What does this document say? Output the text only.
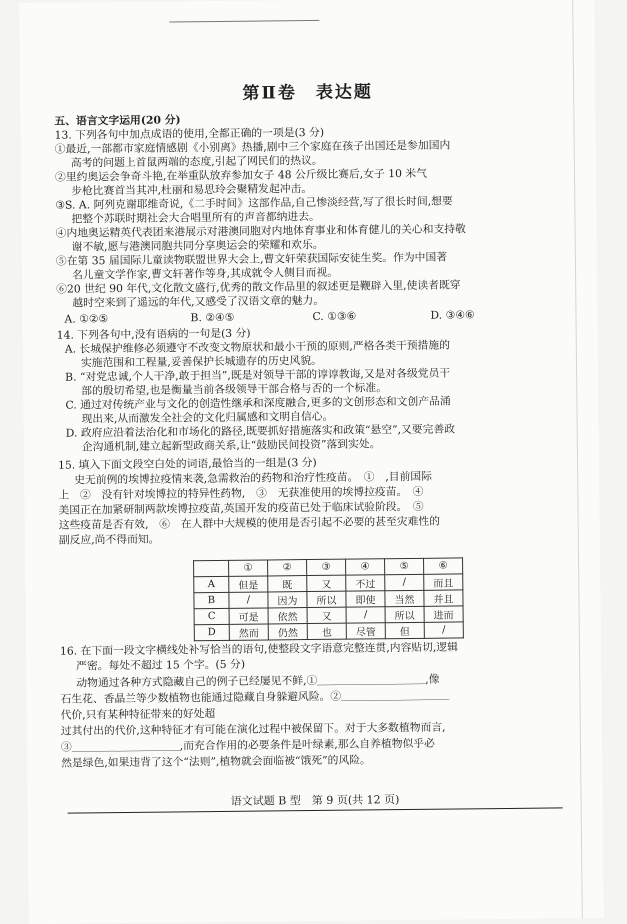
第Ⅱ卷　表达题
五、语言文字运用(20 分)
13. 下列各句中加点成语的使用,全都正确的一项是(3 分)
①最近,一部都市家庭情感剧《小别离》热播,剧中三个家庭在孩子出国还是参加国内
高考的问题上首鼠两端的态度,引起了网民们的热议。
②里约奥运会争奇斗艳,在举重队放弃参加女子 48 公斤级比赛后,女子 10 米气
步枪比赛首当其冲,杜丽和易思玲会聚精发起冲击。
③S. A. 阿列克谢耶维奇说,《二手时间》这部作品,自己惨淡经营,写了很长时间,想要
把整个苏联时期社会大合唱里所有的声音都纳进去。
④内地奥运精英代表团来港展示对港澳同胞对内地体育事业和体育健儿的关心和支持敬
谢不敏,愿与港澳同胞共同分享奥运会的荣耀和欢乐。
⑤在第 35 届国际儿童读物联盟世界大会上,曹文轩荣获国际安徒生奖。作为中国著
名儿童文学作家,曹文轩著作等身,其成就令人侧目而视。
⑥20 世纪 90 年代,文化散文盛行,优秀的散文作品里的叙述更是鞭辟入里,使读者既穿
越时空来到了遥远的年代,又感受了汉语文章的魅力。
A. ①②⑤	B. ②④⑤	C. ①③⑥	D. ③④⑥
14. 下列各句中,没有语病的一句是(3 分)
A. 长城保护维修必须遵守不改变文物原状和最小干预的原则,严格各类干预措施的
实施范围和工程量,妥善保护长城遗存的历史风貌。
B. “对党忠诚,个人干净,敢于担当”,既是对领导干部的谆谆教诲,又是对各级党员干
部的殷切希望,也是衡量当前各级领导干部合格与否的一个标准。
C. 通过对传统产业与文化的创造性继承和深度融合,更多的文创形态和文创产品涌
现出来,从而激发全社会的文化归属感和文明自信心。
D. 政府应沿着法治化和市场化的路径,既要抓好措施落实和政策“悬空”,又要完善政
企沟通机制,建立起新型政商关系,让“鼓励民间投资”落到实处。
15. 填入下面文段空白处的词语,最恰当的一组是(3 分)
史无前例的埃博拉疫情来袭,急需救治的药物和治疗性疫苗。　①　,目前国际
上　②　没有针对埃博拉的特异性药物,　③　无获准使用的埃博拉疫苗。　④
美国正在加紧研制两款埃博拉疫苗,英国开发的疫苗已处于临床试验阶段。　⑤
这些疫苗是否有效,　⑥　在人群中大规模的使用是否引起不必要的甚至灾难性的
副反应,尚不得而知。
	①	②	③	④	⑤	⑥
A	但是	既	又	不过	/	而且
B	/	因为	所以	即使	当然	并且
C	可是	依然	又	/	所以	进而
D	然而	仍然	也	尽管	但	/
16. 在下面一段文字横线处补写恰当的语句,使整段文字语意完整连贯,内容贴切,逻辑
严密。每处不超过 15 个字。(5 分)
动物通过各种方式隐藏自己的例子已经屡见不鲜,①＿＿＿＿＿＿＿＿＿＿,像
石生花、香晶兰等少数植物也能通过隐藏自身躲避风险。②＿＿＿＿＿＿＿＿＿＿
代价,只有某种特征带来的好处超
过其付出的代价,这种特征才有可能在演化过程中被保留下。对于大多数植物而言,
③＿＿＿＿＿＿＿＿＿＿,而充合作用的必要条件是叶绿素,那么自养植物似乎必
然是绿色,如果违背了这个“法则”,植物就会面临被“饿死”的风险。
语文试题 B 型　第 9 页(共 12 页)
